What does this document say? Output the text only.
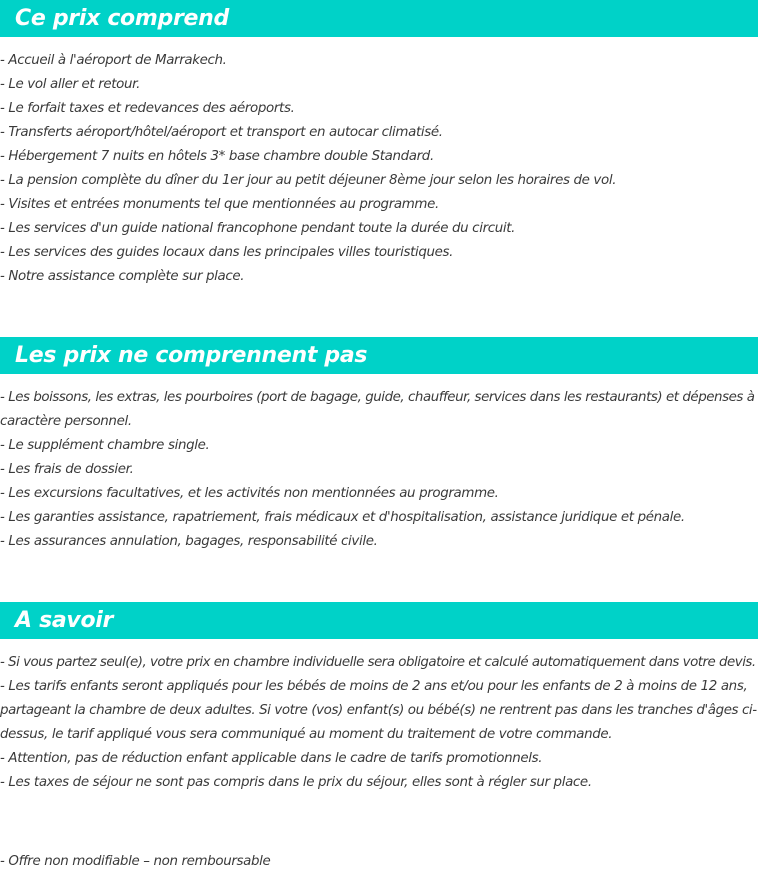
Ce prix comprend
- Accueil à l'aéroport de Marrakech.
- Le vol aller et retour.
- Le forfait taxes et redevances des aéroports.
- Transferts aéroport/hôtel/aéroport et transport en autocar climatisé.
- Hébergement 7 nuits en hôtels 3* base chambre double Standard.
- La pension complète du dîner du 1er jour au petit déjeuner 8ème jour selon les horaires de vol.
- Visites et entrées monuments tel que mentionnées au programme.
- Les services d'un guide national francophone pendant toute la durée du circuit.
- Les services des guides locaux dans les principales villes touristiques.
- Notre assistance complète sur place.
Les prix ne comprennent pas
- Les boissons, les extras, les pourboires (port de bagage, guide, chauffeur, services dans les restaurants) et dépenses à
caractère personnel.
- Le supplément chambre single.
- Les frais de dossier.
- Les excursions facultatives, et les activités non mentionnées au programme.
- Les garanties assistance, rapatriement, frais médicaux et d'hospitalisation, assistance juridique et pénale.
- Les assurances annulation, bagages, responsabilité civile.
A savoir
- Si vous partez seul(e), votre prix en chambre individuelle sera obligatoire et calculé automatiquement dans votre devis.
- Les tarifs enfants seront appliqués pour les bébés de moins de 2 ans et/ou pour les enfants de 2 à moins de 12 ans,
partageant la chambre de deux adultes. Si votre (vos) enfant(s) ou bébé(s) ne rentrent pas dans les tranches d'âges ci-
dessus, le tarif appliqué vous sera communiqué au moment du traitement de votre commande.
- Attention, pas de réduction enfant applicable dans le cadre de tarifs promotionnels.
- Les taxes de séjour ne sont pas compris dans le prix du séjour, elles sont à régler sur place.
- Offre non modifiable – non remboursable
